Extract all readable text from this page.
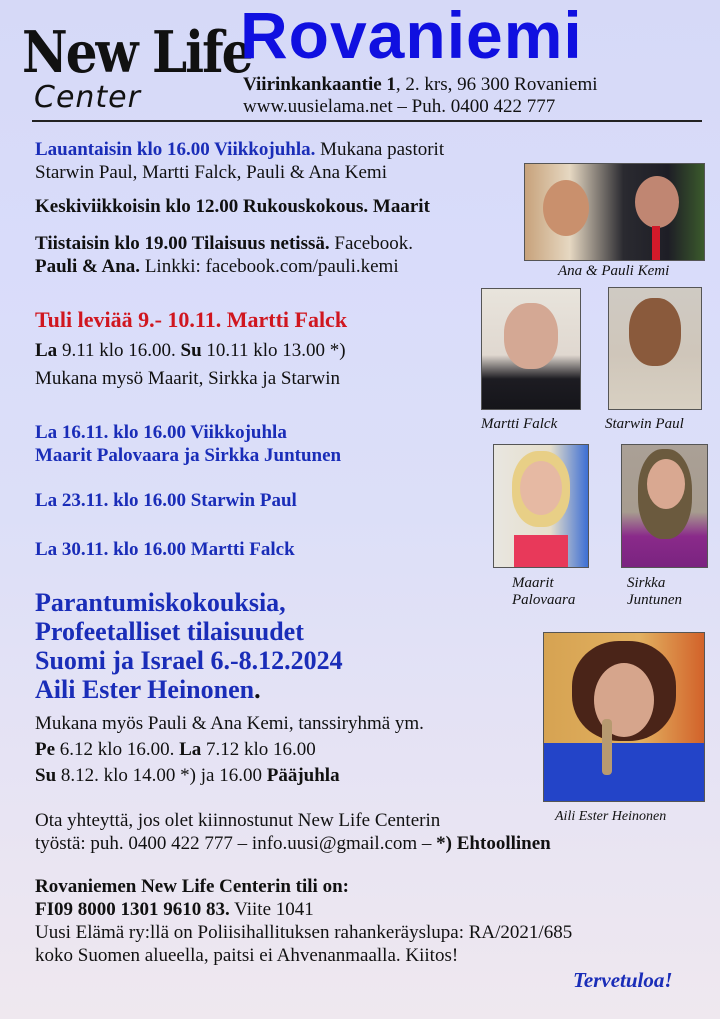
New Life
Center
Rovaniemi
Viirinkankaantie 1, 2. krs, 96 300 Rovaniemi
www.uusielama.net – Puh. 0400 422 777
Lauantaisin klo 16.00 Viikkojuhla. Mukana pastorit
Starwin Paul, Martti Falck, Pauli & Ana Kemi
Keskiviikkoisin klo 12.00 Rukouskokous. Maarit
Tiistaisin klo 19.00 Tilaisuus netissä. Facebook.
Pauli & Ana. Linkki: facebook.com/pauli.kemi	Ana & Pauli Kemi
Tuli leviää 9.- 10.11. Martti Falck
La 9.11 klo 16.00. Su 10.11 klo 13.00 *)
Mukana mysö Maarit, Sirkka ja Starwin
Martti Falck	Starwin Paul
La 16.11. klo 16.00 Viikkojuhla
Maarit Palovaara ja Sirkka Juntunen
La 23.11. klo 16.00 Starwin Paul
La 30.11. klo 16.00 Martti Falck
Maarit
Palovaara
Sirkka
Juntunen
Parantumiskokouksia,
Profeetalliset tilaisuudet
Suomi ja Israel 6.-8.12.2024
Aili Ester Heinonen.
Mukana myös Pauli & Ana Kemi, tanssiryhmä ym.
Pe 6.12 klo 16.00. La 7.12 klo 16.00
Su 8.12. klo 14.00 *) ja 16.00 Pääjuhla
Aili Ester Heinonen
Ota yhteyttä, jos olet kiinnostunut New Life Centerin
työstä: puh. 0400 422 777 – info.uusi@gmail.com – *) Ehtoollinen
Rovaniemen New Life Centerin tili on:
FI09 8000 1301 9610 83. Viite 1041
Uusi Elämä ry:llä on Poliisihallituksen rahankeräyslupa: RA/2021/685
koko Suomen alueella, paitsi ei Ahvenanmaalla. Kiitos!
Tervetuloa!
